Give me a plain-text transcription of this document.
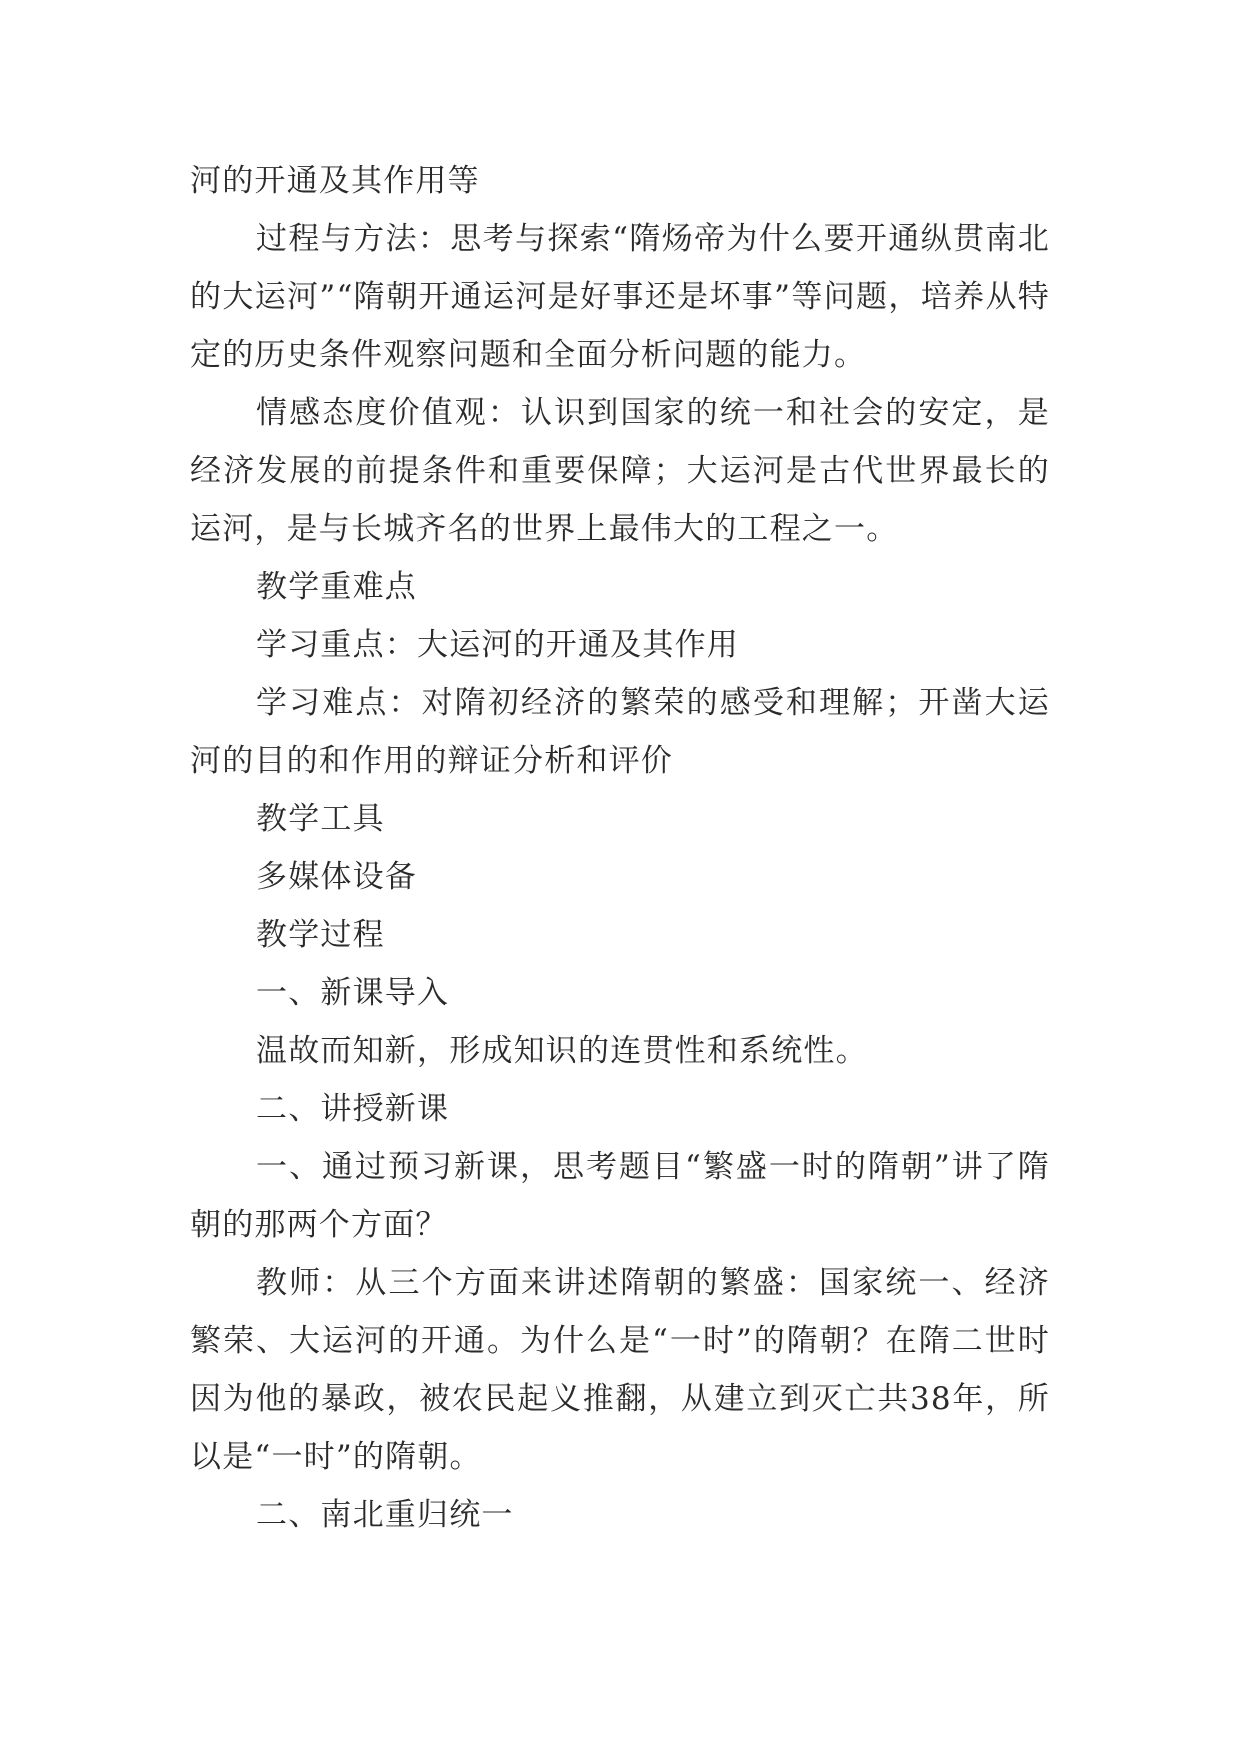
河的开通及其作用等

过程与方法：思考与探索“隋炀帝为什么要开通纵贯南北的大运河”“隋朝开通运河是好事还是坏事”等问题，培养从特定的历史条件观察问题和全面分析问题的能力。

情感态度价值观：认识到国家的统一和社会的安定，是经济发展的前提条件和重要保障；大运河是古代世界最长的运河，是与长城齐名的世界上最伟大的工程之一。

教学重难点

学习重点：大运河的开通及其作用

学习难点：对隋初经济的繁荣的感受和理解；开凿大运河的目的和作用的辩证分析和评价

教学工具

多媒体设备

教学过程

一、新课导入

温故而知新，形成知识的连贯性和系统性。

二、讲授新课

一、通过预习新课，思考题目“繁盛一时的隋朝”讲了隋朝的那两个方面？

教师：从三个方面来讲述隋朝的繁盛：国家统一、经济繁荣、大运河的开通。为什么是“一时”的隋朝？在隋二世时因为他的暴政，被农民起义推翻，从建立到灭亡共38年，所以是“一时”的隋朝。

二、南北重归统一
